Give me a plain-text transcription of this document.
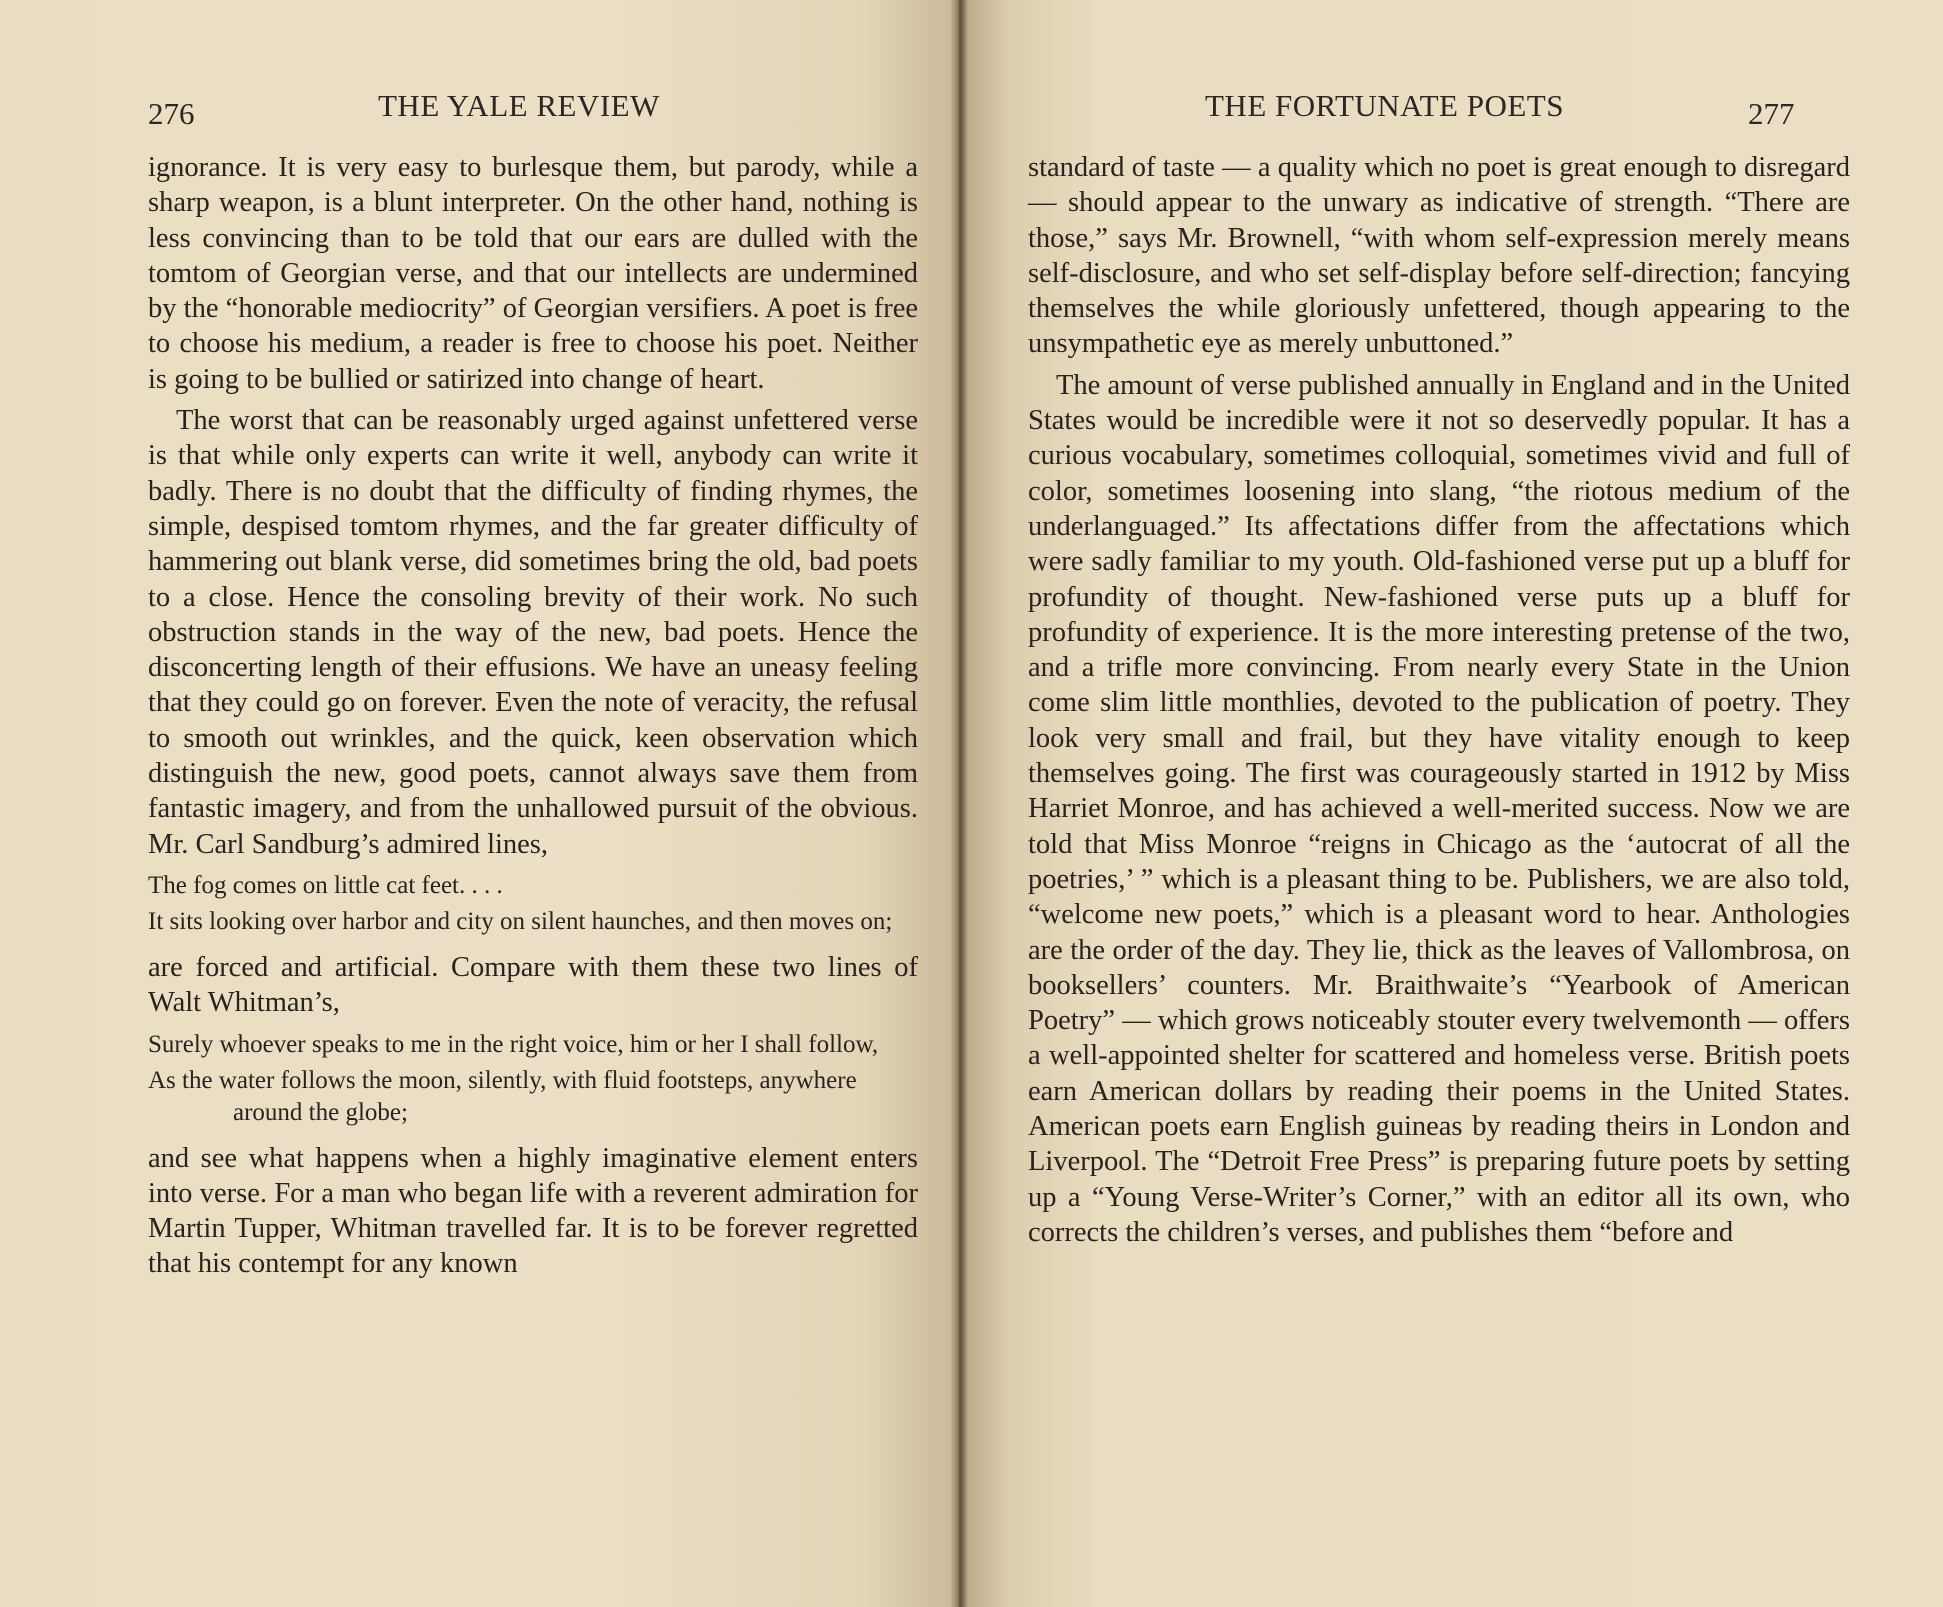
276	THE YALE REVIEW

ignorance. It is very easy to burlesque them, but parody, while a sharp weapon, is a blunt interpreter. On the other hand, nothing is less convincing than to be told that our ears are dulled with the tomtom of Georgian verse, and that our intellects are undermined by the “honorable mediocrity” of Georgian versifiers. A poet is free to choose his medium, a reader is free to choose his poet. Neither is going to be bullied or satirized into change of heart.

The worst that can be reasonably urged against unfettered verse is that while only experts can write it well, anybody can write it badly. There is no doubt that the difficulty of finding rhymes, the simple, despised tomtom rhymes, and the far greater difficulty of hammering out blank verse, did sometimes bring the old, bad poets to a close. Hence the consoling brevity of their work. No such obstruction stands in the way of the new, bad poets. Hence the disconcerting length of their effusions. We have an uneasy feeling that they could go on forever. Even the note of veracity, the refusal to smooth out wrinkles, and the quick, keen observation which distinguish the new, good poets, cannot always save them from fantastic imagery, and from the unhallowed pursuit of the obvious. Mr. Carl Sandburg’s admired lines,

The fog comes on little cat feet. . . .
It sits looking over harbor and city on silent haunches, and then moves on;

are forced and artificial. Compare with them these two lines of Walt Whitman’s,

Surely whoever speaks to me in the right voice, him or her I shall follow,
As the water follows the moon, silently, with fluid footsteps, anywhere around the globe;

and see what happens when a highly imaginative element enters into verse. For a man who began life with a reverent admiration for Martin Tupper, Whitman travelled far. It is to be forever regretted that his contempt for any known

THE FORTUNATE POETS	277

standard of taste — a quality which no poet is great enough to disregard — should appear to the unwary as indicative of strength. “There are those,” says Mr. Brownell, “with whom self-expression merely means self-disclosure, and who set self-display before self-direction; fancying themselves the while gloriously unfettered, though appearing to the unsympathetic eye as merely unbuttoned.”

The amount of verse published annually in England and in the United States would be incredible were it not so deservedly popular. It has a curious vocabulary, sometimes colloquial, sometimes vivid and full of color, sometimes loosening into slang, “the riotous medium of the underlanguaged.” Its affectations differ from the affectations which were sadly familiar to my youth. Old-fashioned verse put up a bluff for profundity of thought. New-fashioned verse puts up a bluff for profundity of experience. It is the more interesting pretense of the two, and a trifle more convincing. From nearly every State in the Union come slim little monthlies, devoted to the publication of poetry. They look very small and frail, but they have vitality enough to keep themselves going. The first was courageously started in 1912 by Miss Harriet Monroe, and has achieved a well-merited success. Now we are told that Miss Monroe “reigns in Chicago as the ‘autocrat of all the poetries,’ ” which is a pleasant thing to be. Publishers, we are also told, “welcome new poets,” which is a pleasant word to hear. Anthologies are the order of the day. They lie, thick as the leaves of Vallombrosa, on booksellers’ counters. Mr. Braithwaite’s “Yearbook of American Poetry” — which grows noticeably stouter every twelvemonth — offers a well-appointed shelter for scattered and homeless verse. British poets earn American dollars by reading their poems in the United States. American poets earn English guineas by reading theirs in London and Liverpool. The “Detroit Free Press” is preparing future poets by setting up a “Young Verse-Writer’s Corner,” with an editor all its own, who corrects the children’s verses, and publishes them “before and
